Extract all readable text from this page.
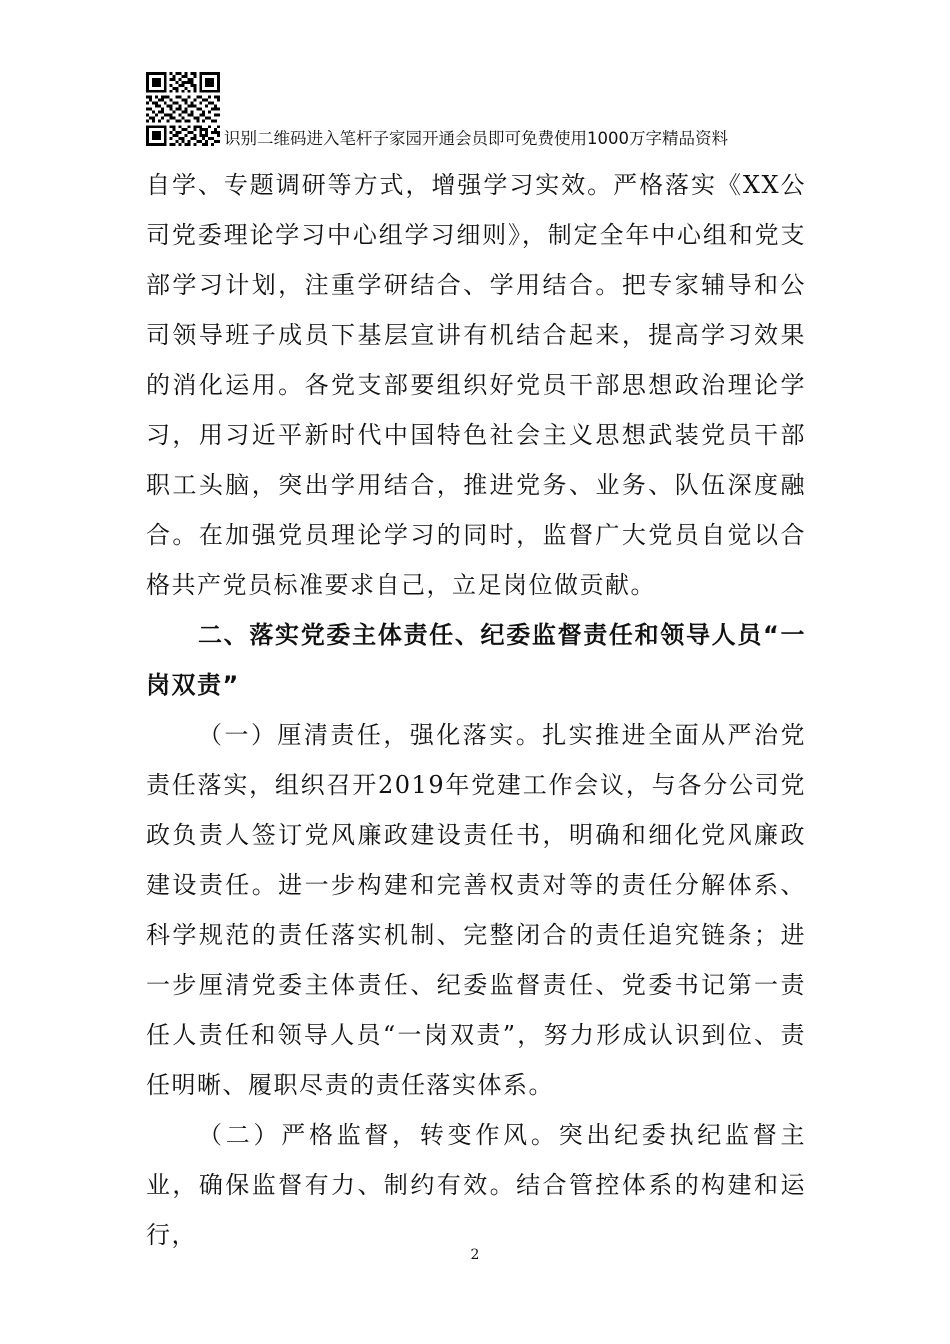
识别二维码进入笔杆子家园开通会员即可免费使用1000万字精品资料

自学、专题调研等方式，增强学习实效。严格落实《XX公司党委理论学习中心组学习细则》，制定全年中心组和党支部学习计划，注重学研结合、学用结合。把专家辅导和公司领导班子成员下基层宣讲有机结合起来，提高学习效果的消化运用。各党支部要组织好党员干部思想政治理论学习，用习近平新时代中国特色社会主义思想武装党员干部职工头脑，突出学用结合，推进党务、业务、队伍深度融合。在加强党员理论学习的同时，监督广大党员自觉以合格共产党员标准要求自己，立足岗位做贡献。

二、落实党委主体责任、纪委监督责任和领导人员“一岗双责”

（一）厘清责任，强化落实。扎实推进全面从严治党责任落实，组织召开2019年党建工作会议，与各分公司党政负责人签订党风廉政建设责任书，明确和细化党风廉政建设责任。进一步构建和完善权责对等的责任分解体系、科学规范的责任落实机制、完整闭合的责任追究链条；进一步厘清党委主体责任、纪委监督责任、党委书记第一责任人责任和领导人员“一岗双责”，努力形成认识到位、责任明晰、履职尽责的责任落实体系。

（二）严格监督，转变作风。突出纪委执纪监督主业，确保监督有力、制约有效。结合管控体系的构建和运行，

2
